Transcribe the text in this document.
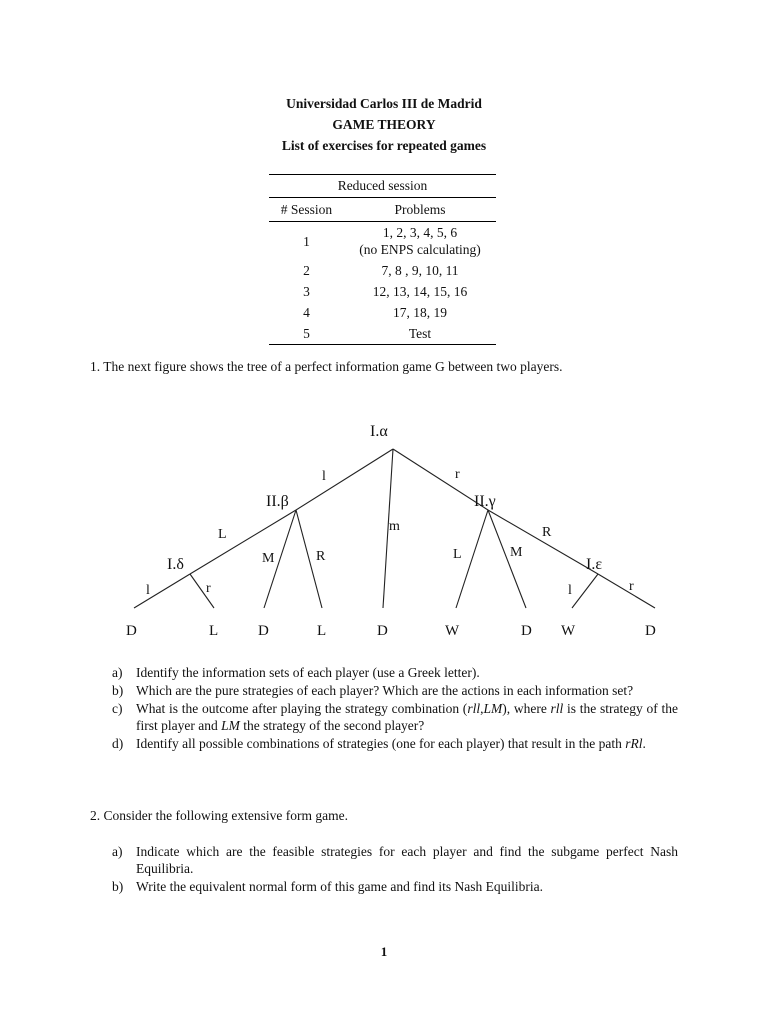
Universidad Carlos III de Madrid
GAME THEORY
List of exercises for repeated games
Reduced session	
# Session	Problems
1	1, 2, 3, 4, 5, 6
(no ENPS calculating)

2	7, 8 , 9, 10, 11
3	12, 13, 14, 15, 16
4	17, 18, 19
5	Test
1. The next figure shows the tree of a perfect information game G between two players.
I.α
II.β	II.γ
I.δ	I.ε
l
m
r
L
M	R
l	r
L	M
R
l	r
D	L	D	L	D	W	D W	D
a) Identify the information sets of each player (use a Greek letter).
b) Which are the pure strategies of each player? Which are the actions in each information set?
c) What is the outcome after playing the strategy combination (rll,LM), where rll is the strategy of the first player and LM the strategy of the second player?
d) Identify all possible combinations of strategies (one for each player) that result in the path rRl.
2. Consider the following extensive form game.
a) Indicate which are the feasible strategies for each player and find the subgame perfect Nash Equilibria.
b) Write the equivalent normal form of this game and find its Nash Equilibria.
1
